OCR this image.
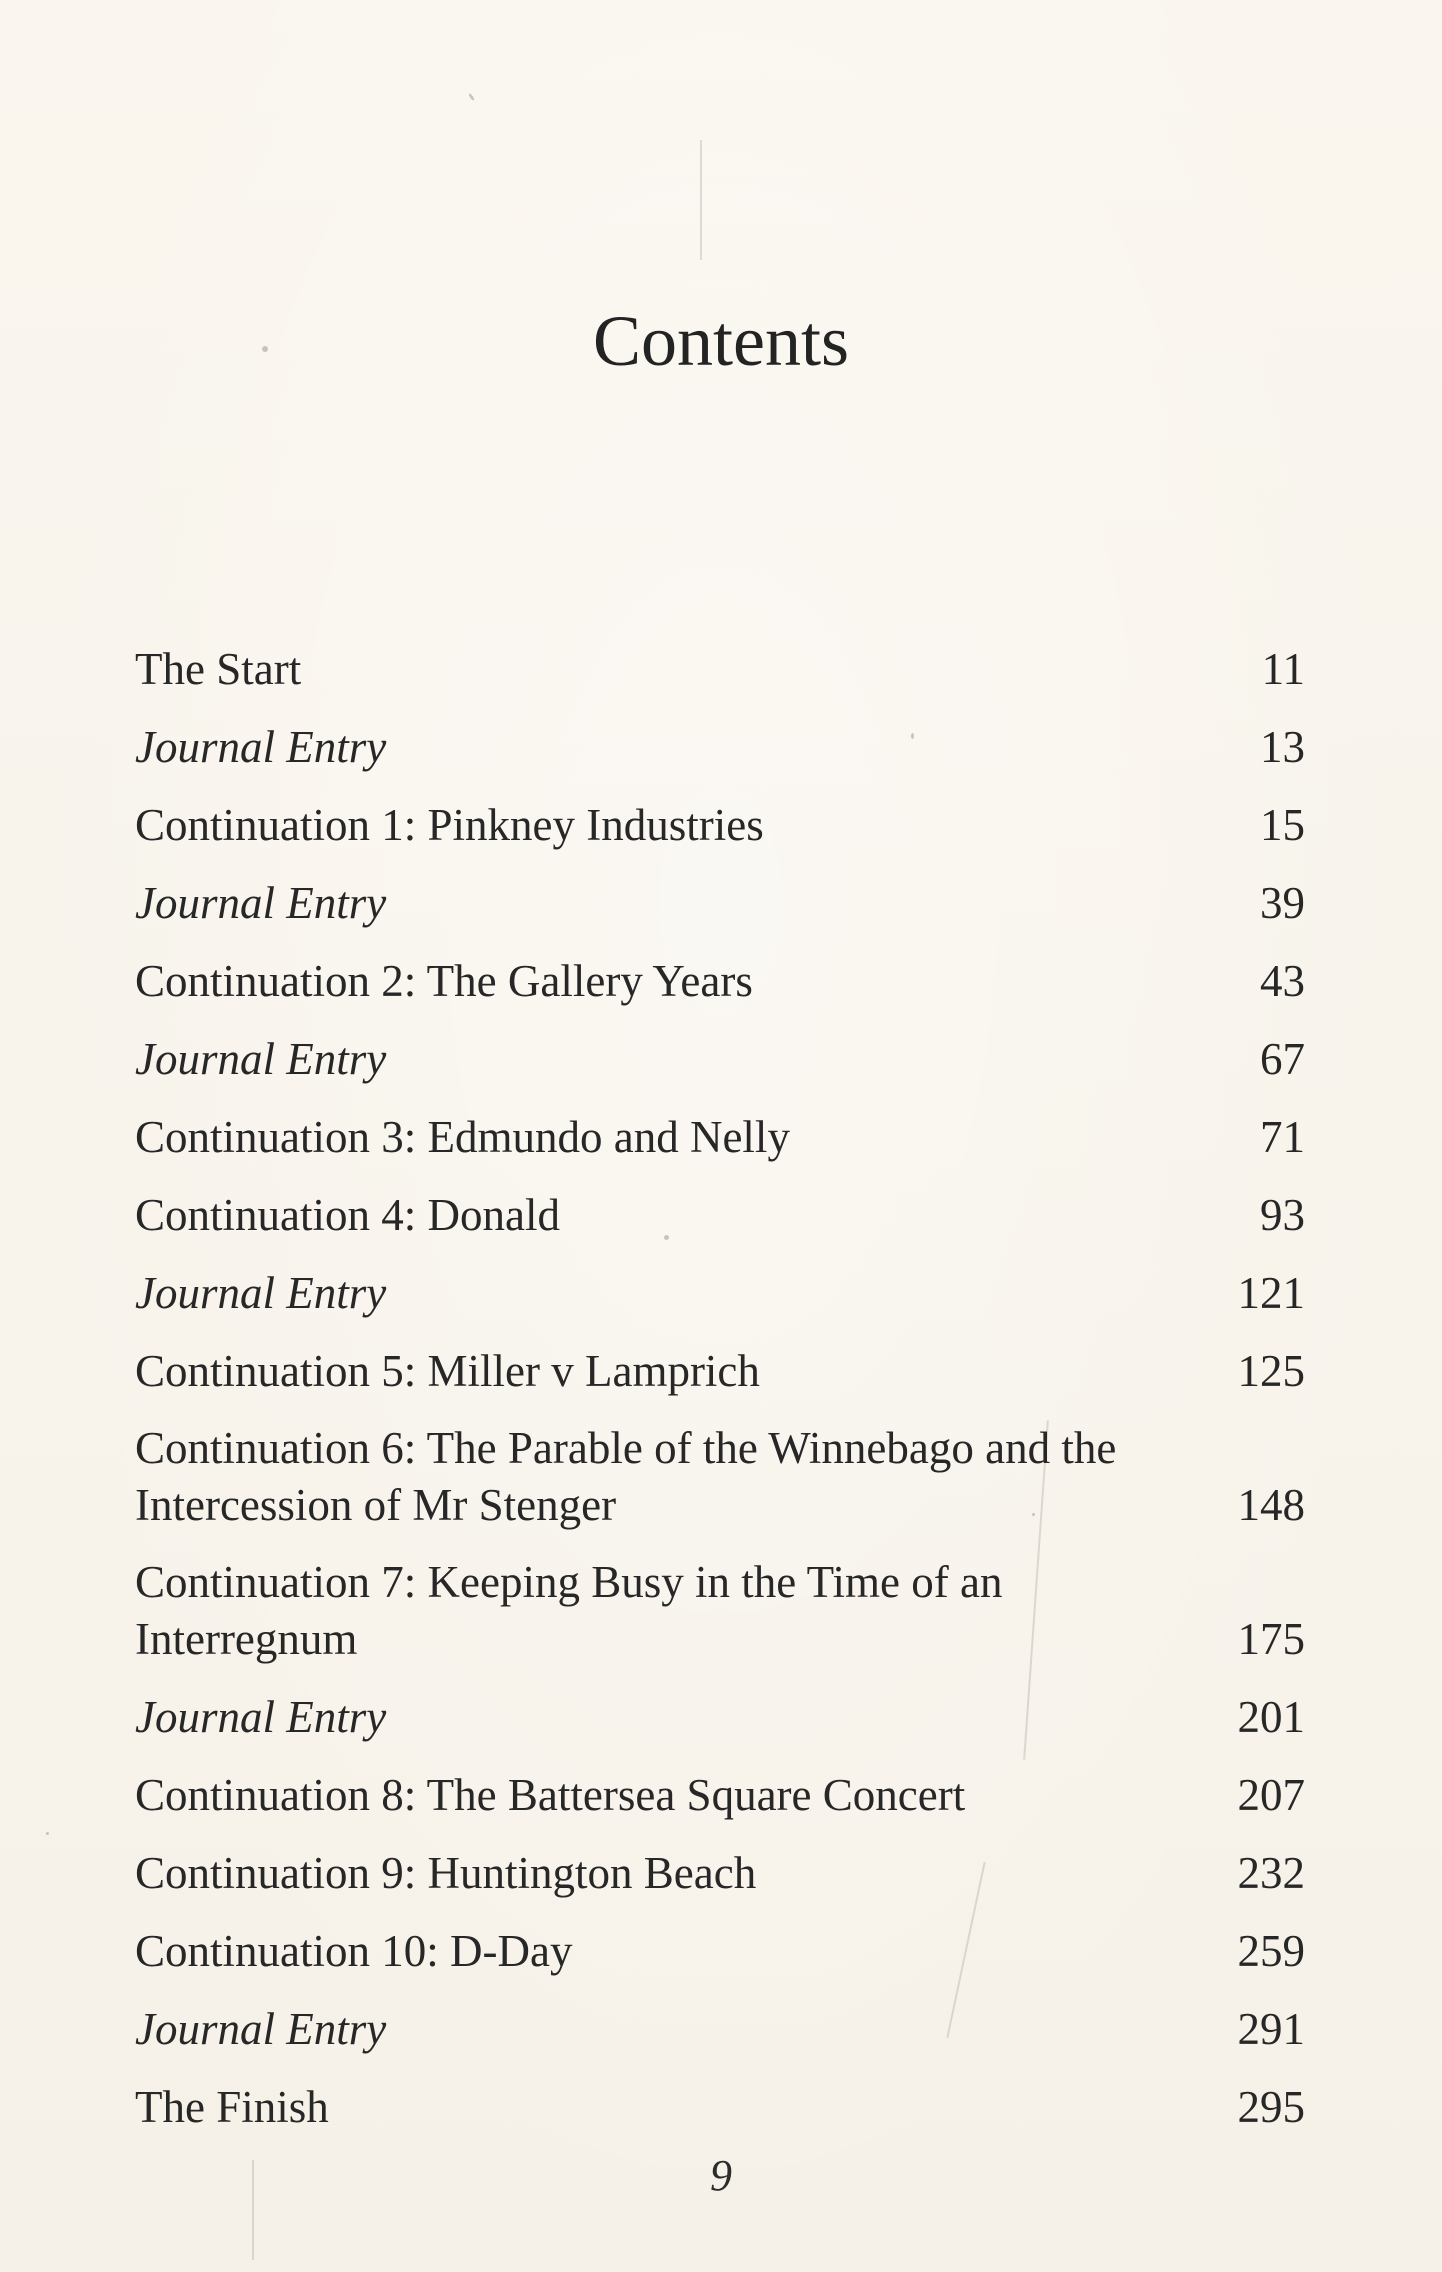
Contents
The Start	11
Journal Entry	13
Continuation 1: Pinkney Industries	15
Journal Entry	39
Continuation 2: The Gallery Years	43
Journal Entry	67
Continuation 3: Edmundo and Nelly	71
Continuation 4: Donald	93
Journal Entry	121
Continuation 5: Miller v Lamprich	125
Continuation 6: The Parable of the Winnebago and the Intercession of Mr Stenger	148
Continuation 7: Keeping Busy in the Time of an Interregnum	175
Journal Entry	201
Continuation 8: The Battersea Square Concert	207
Continuation 9: Huntington Beach	232
Continuation 10: D-Day	259
Journal Entry	291
The Finish	295
9
